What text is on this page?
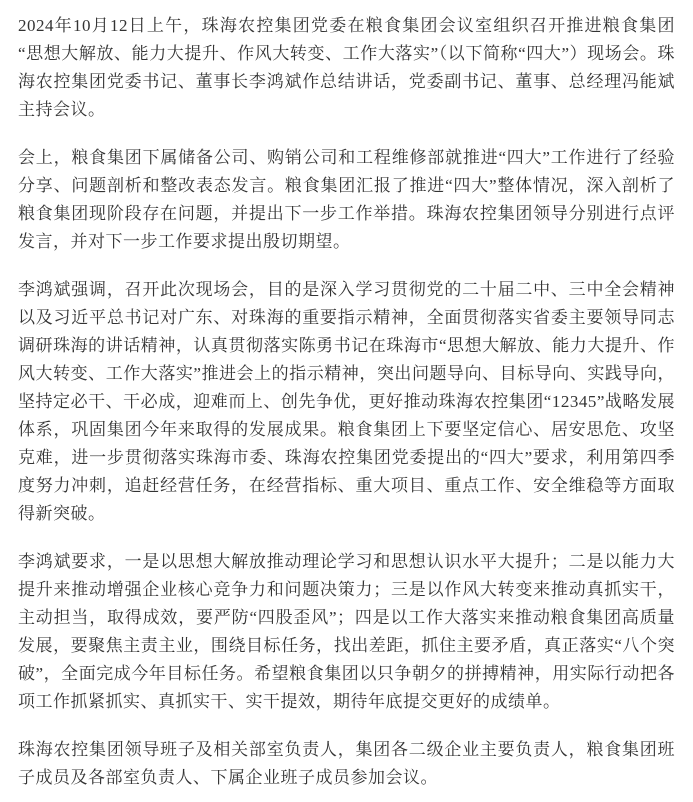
2024年10月12日上午，珠海农控集团党委在粮食集团会议室组织召开推进粮食集团“思想大解放、能力大提升、作风大转变、工作大落实”（以下简称“四大”）现场会。珠海农控集团党委书记、董事长李鸿斌作总结讲话，党委副书记、董事、总经理冯能斌主持会议。

会上，粮食集团下属储备公司、购销公司和工程维修部就推进“四大”工作进行了经验分享、问题剖析和整改表态发言。粮食集团汇报了推进“四大”整体情况，深入剖析了粮食集团现阶段存在问题，并提出下一步工作举措。珠海农控集团领导分别进行点评发言，并对下一步工作要求提出殷切期望。

李鸿斌强调，召开此次现场会，目的是深入学习贯彻党的二十届二中、三中全会精神以及习近平总书记对广东、对珠海的重要指示精神，全面贯彻落实省委主要领导同志调研珠海的讲话精神，认真贯彻落实陈勇书记在珠海市“思想大解放、能力大提升、作风大转变、工作大落实”推进会上的指示精神，突出问题导向、目标导向、实践导向，坚持定必干、干必成，迎难而上、创先争优，更好推动珠海农控集团“12345”战略发展体系，巩固集团今年来取得的发展成果。粮食集团上下要坚定信心、居安思危、攻坚克难，进一步贯彻落实珠海市委、珠海农控集团党委提出的“四大”要求，利用第四季度努力冲刺，追赶经营任务，在经营指标、重大项目、重点工作、安全维稳等方面取得新突破。

李鸿斌要求，一是以思想大解放推动理论学习和思想认识水平大提升；二是以能力大提升来推动增强企业核心竞争力和问题决策力；三是以作风大转变来推动真抓实干，主动担当，取得成效，要严防“四股歪风”；四是以工作大落实来推动粮食集团高质量发展，要聚焦主责主业，围绕目标任务，找出差距，抓住主要矛盾，真正落实“八个突破”，全面完成今年目标任务。希望粮食集团以只争朝夕的拼搏精神，用实际行动把各项工作抓紧抓实、真抓实干、实干提效，期待年底提交更好的成绩单。

珠海农控集团领导班子及相关部室负责人，集团各二级企业主要负责人，粮食集团班子成员及各部室负责人、下属企业班子成员参加会议。
